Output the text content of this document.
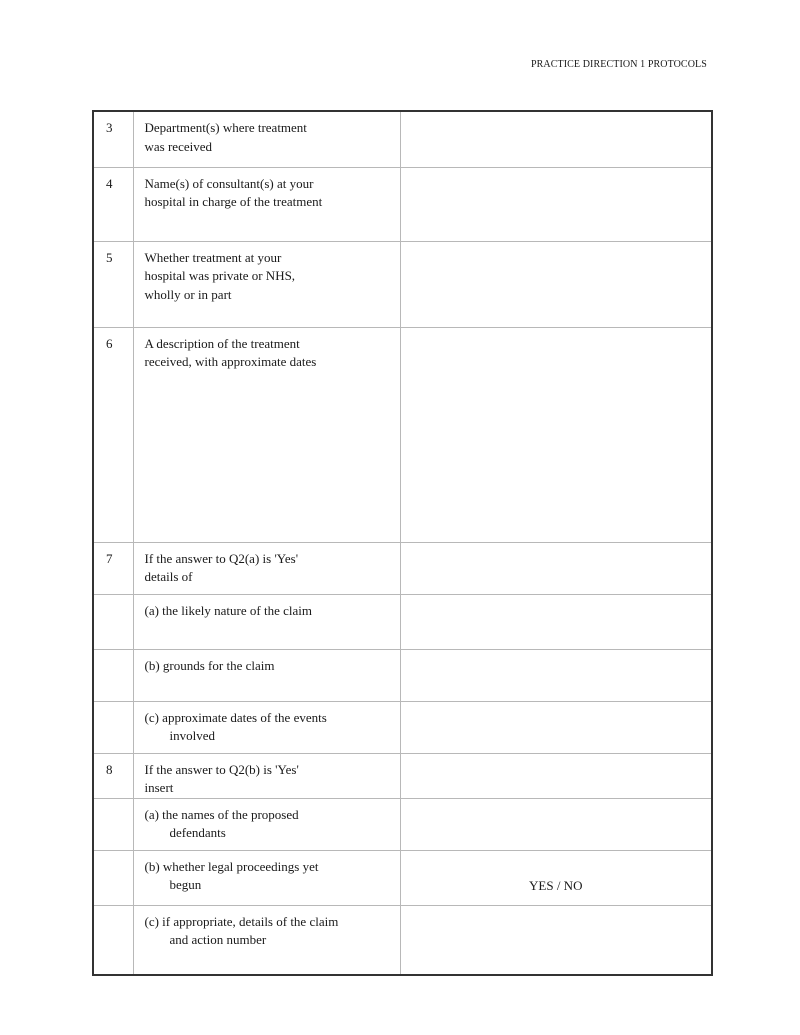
PRACTICE DIRECTION 1 PROTOCOLS
3	Department(s) where treatment was received	

4	Name(s) of consultant(s) at your hospital in charge of the treatment	

5	Whether treatment at your hospital was private or NHS, wholly or in part	

6	A description of the treatment received, with approximate dates	

7	If the answer to Q2(a) is 'Yes' details of	

	(a) the likely nature of the claim	

	(b) grounds for the claim	

	(c) approximate dates of the events involved	

8	If the answer to Q2(b) is 'Yes' insert	

	(a) the names of the proposed defendants	

	(b) whether legal proceedings yet begun	YES / NO

	(c) if appropriate, details of the claim and action number	
